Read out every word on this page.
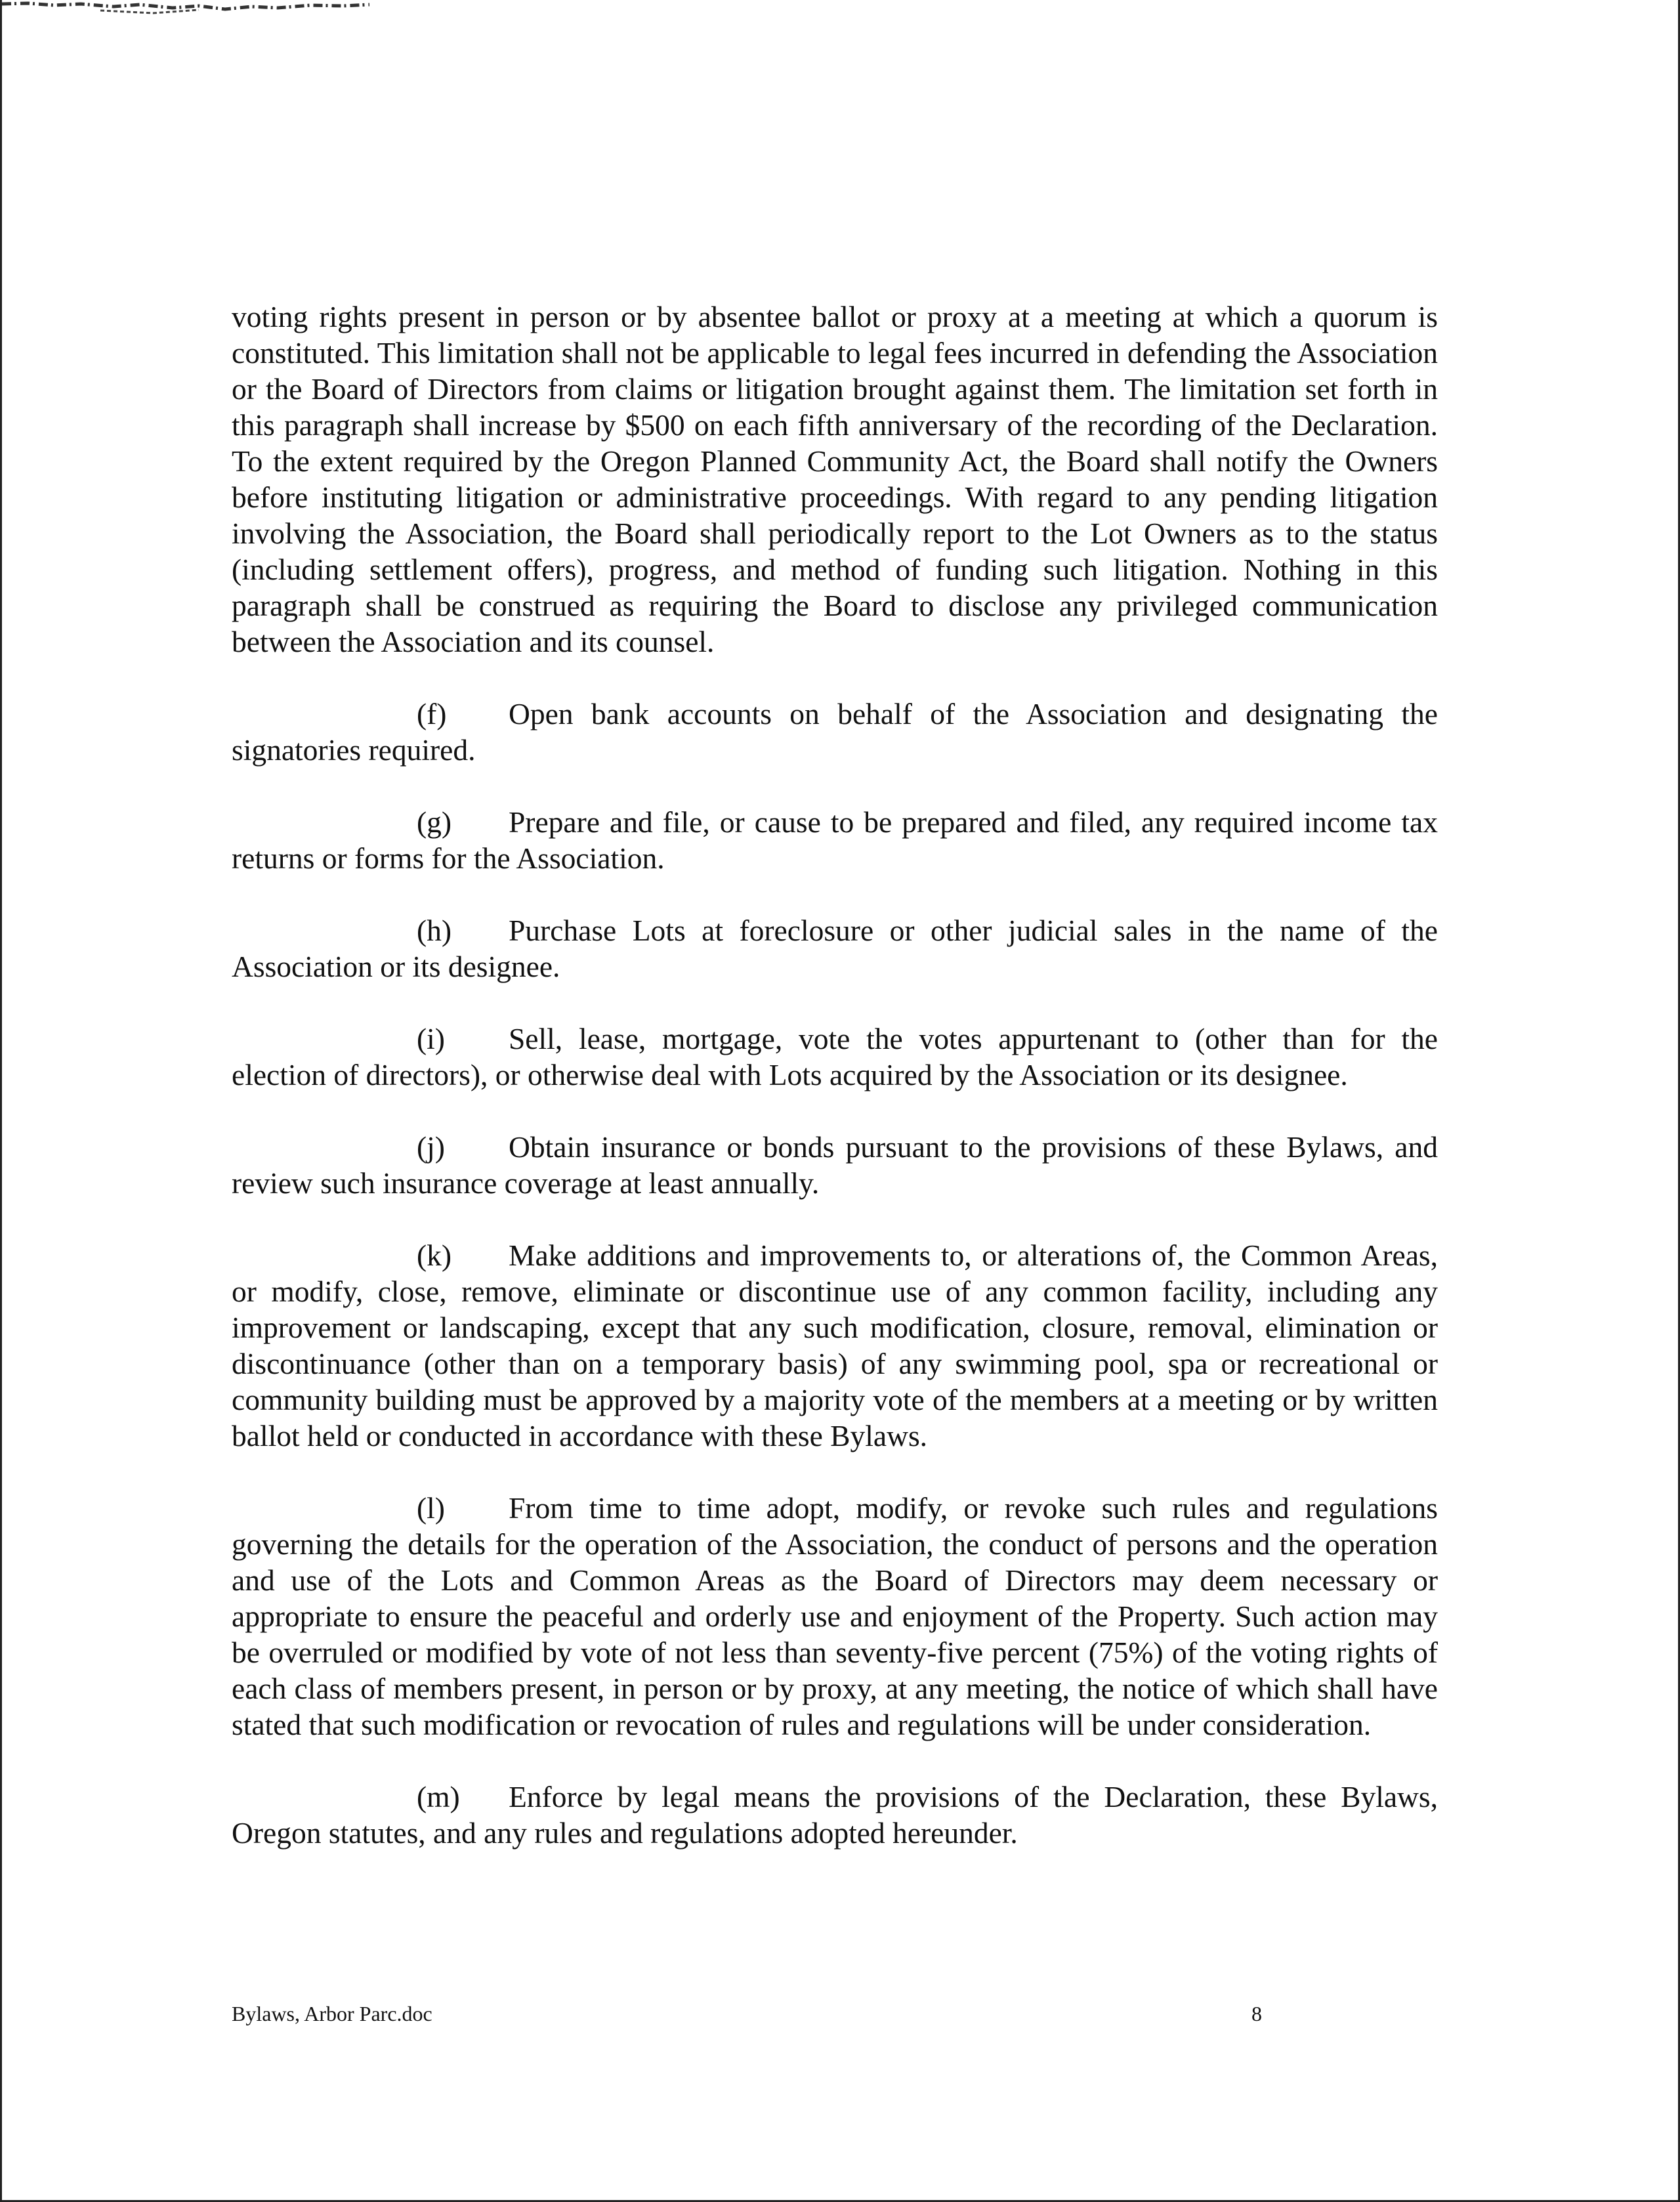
voting rights present in person or by absentee ballot or proxy at a meeting at which a quorum is constituted. This limitation shall not be applicable to legal fees incurred in defending the Association or the Board of Directors from claims or litigation brought against them. The limitation set forth in this paragraph shall increase by $500 on each fifth anniversary of the recording of the Declaration. To the extent required by the Oregon Planned Community Act, the Board shall notify the Owners before instituting litigation or administrative proceedings. With regard to any pending litigation involving the Association, the Board shall periodically report to the Lot Owners as to the status (including settlement offers), progress, and method of funding such litigation. Nothing in this paragraph shall be construed as requiring the Board to disclose any privileged communication between the Association and its counsel.

(f) Open bank accounts on behalf of the Association and designating the signatories required.

(g) Prepare and file, or cause to be prepared and filed, any required income tax returns or forms for the Association.

(h) Purchase Lots at foreclosure or other judicial sales in the name of the Association or its designee.

(i) Sell, lease, mortgage, vote the votes appurtenant to (other than for the election of directors), or otherwise deal with Lots acquired by the Association or its designee.

(j) Obtain insurance or bonds pursuant to the provisions of these Bylaws, and review such insurance coverage at least annually.

(k) Make additions and improvements to, or alterations of, the Common Areas, or modify, close, remove, eliminate or discontinue use of any common facility, including any improvement or landscaping, except that any such modification, closure, removal, elimination or discontinuance (other than on a temporary basis) of any swimming pool, spa or recreational or community building must be approved by a majority vote of the members at a meeting or by written ballot held or conducted in accordance with these Bylaws.

(l) From time to time adopt, modify, or revoke such rules and regulations governing the details for the operation of the Association, the conduct of persons and the operation and use of the Lots and Common Areas as the Board of Directors may deem necessary or appropriate to ensure the peaceful and orderly use and enjoyment of the Property. Such action may be overruled or modified by vote of not less than seventy-five percent (75%) of the voting rights of each class of members present, in person or by proxy, at any meeting, the notice of which shall have stated that such modification or revocation of rules and regulations will be under consideration.

(m) Enforce by legal means the provisions of the Declaration, these Bylaws, Oregon statutes, and any rules and regulations adopted hereunder.

Bylaws, Arbor Parc.doc	8
